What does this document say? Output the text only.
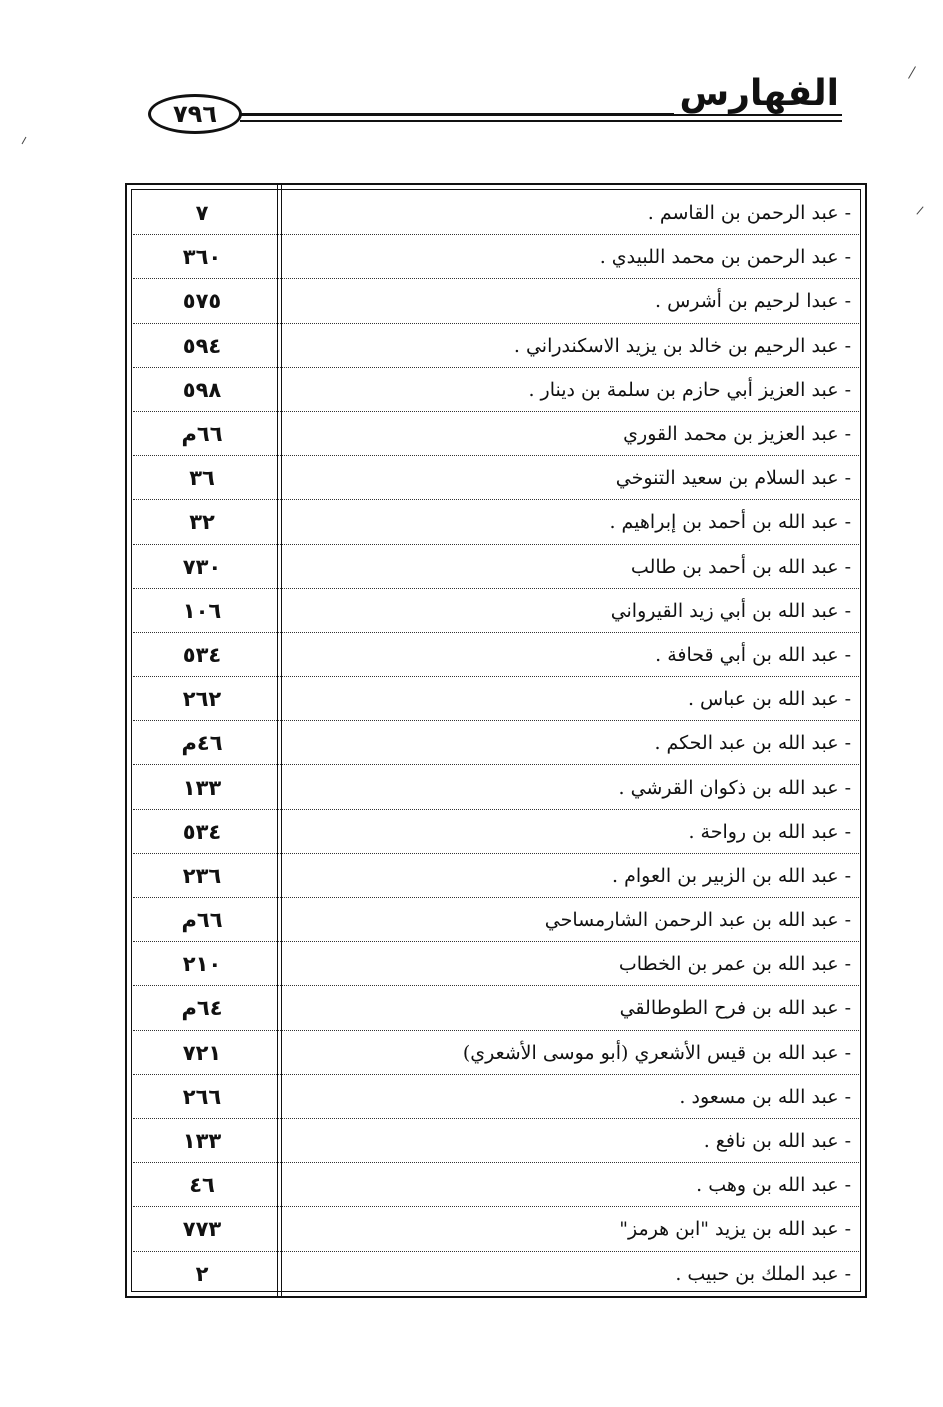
الفهارس
٧٩٦
٧	- عبد الرحمن بن القاسم .
٣٦٠	- عبد الرحمن بن محمد اللبيدي .
٥٧٥	- عبدا لرحيم بن أشرس .
٥٩٤	- عبد الرحيم بن خالد بن يزيد الاسكندراني .
٥٩٨	- عبد العزيز أبي حازم بن سلمة بن دينار .
٦٦م	- عبد العزيز بن محمد القوري
٣٦	- عبد السلام بن سعيد التنوخي
٣٢	- عبد الله بن أحمد بن إبراهيم .
٧٣٠	- عبد الله بن أحمد بن طالب
١٠٦	- عبد الله بن أبي زيد القيرواني
٥٣٤	- عبد الله بن أبي قحافة .
٢٦٢	- عبد الله بن عباس .
٤٦م	- عبد الله بن عبد الحكم .
١٣٣	- عبد الله بن ذكوان القرشي .
٥٣٤	- عبد الله بن رواحة .
٢٣٦	- عبد الله بن الزبير بن العوام .
٦٦م	- عبد الله بن عبد الرحمن الشارمساحي
٢١٠	- عبد الله بن عمر بن الخطاب
٦٤م	- عبد الله بن فرح الطوطالقي
٧٢١	- عبد الله بن قيس الأشعري (أبو موسى الأشعري)
٢٦٦	- عبد الله بن مسعود .
١٣٣	- عبد الله بن نافع .
٤٦	- عبد الله بن وهب .
٧٧٣	- عبد الله بن يزيد "ابن هرمز"
٢	- عبد الملك بن حبيب .
